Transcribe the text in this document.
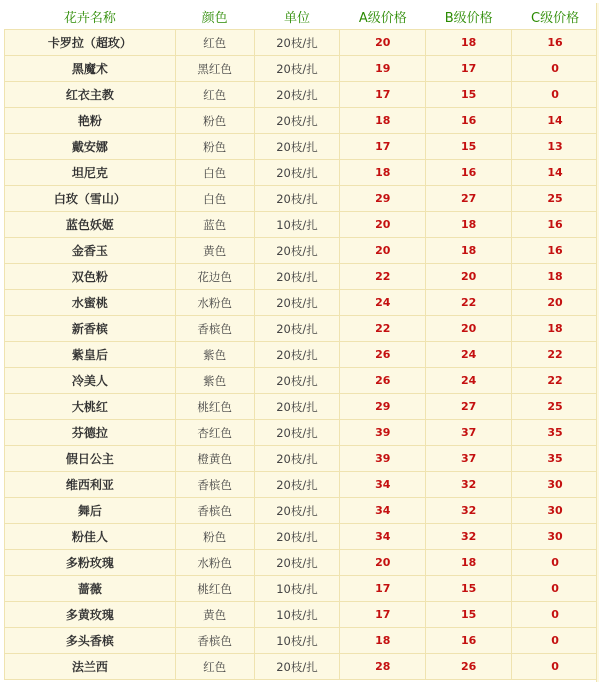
花卉名称	颜色	单位	A级价格	B级价格	C级价格
卡罗拉（超玫）	红色	20枝/扎	20	18	16
黑魔术	黑红色	20枝/扎	19	17	0
红衣主教	红色	20枝/扎	17	15	0
艳粉	粉色	20枝/扎	18	16	14
戴安娜	粉色	20枝/扎	17	15	13
坦尼克	白色	20枝/扎	18	16	14
白玫（雪山）	白色	20枝/扎	29	27	25
蓝色妖姬	蓝色	10枝/扎	20	18	16
金香玉	黄色	20枝/扎	20	18	16
双色粉	花边色	20枝/扎	22	20	18
水蜜桃	水粉色	20枝/扎	24	22	20
新香槟	香槟色	20枝/扎	22	20	18
紫皇后	紫色	20枝/扎	26	24	22
冷美人	紫色	20枝/扎	26	24	22
大桃红	桃红色	20枝/扎	29	27	25
芬德拉	杏红色	20枝/扎	39	37	35
假日公主	橙黄色	20枝/扎	39	37	35
维西利亚	香槟色	20枝/扎	34	32	30
舞后	香槟色	20枝/扎	34	32	30
粉佳人	粉色	20枝/扎	34	32	30
多粉玫瑰	水粉色	20枝/扎	20	18	0
蔷薇	桃红色	10枝/扎	17	15	0
多黄玫瑰	黄色	10枝/扎	17	15	0
多头香槟	香槟色	10枝/扎	18	16	0
法兰西	红色	20枝/扎	28	26	0
